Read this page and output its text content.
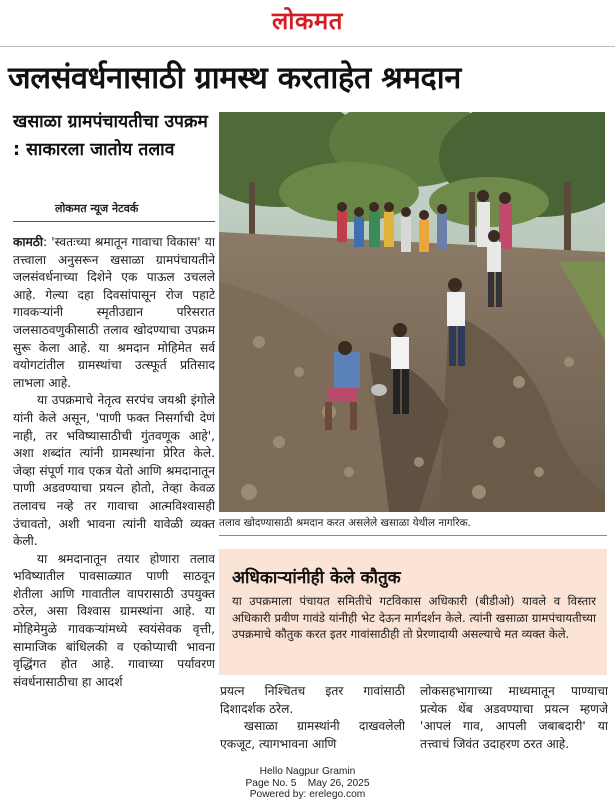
लोकमत
जलसंवर्धनासाठी ग्रामस्थ करताहेत श्रमदान
खसाळा ग्रामपंचायतीचा उपक्रम : साकारला जातोय तलाव
लोकमत न्यूज नेटवर्क

कामठी: 'स्वतःच्या श्रमातून गावाचा विकास' या तत्त्वाला अनुसरून खसाळा ग्रामपंचायतीने जलसंवर्धनाच्या दिशेने एक पाऊल उचलले आहे. गेल्या दहा दिवसांपासून रोज पहाटे गावकऱ्यांनी स्मृतीउद्यान परिसरात जलसाठवणुकीसाठी तलाव खोदण्याचा उपक्रम सुरू केला आहे. या श्रमदान मोहिमेत सर्व वयोगटांतील ग्रामस्थांचा उत्स्फूर्त प्रतिसाद लाभला आहे.

या उपक्रमाचे नेतृत्व सरपंच जयश्री इंगोले यांनी केले असून, 'पाणी फक्त निसर्गाची देणं नाही, तर भविष्यासाठीची गुंतवणूक आहे', अशा शब्दांत त्यांनी ग्रामस्थांना प्रेरित केले. जेव्हा संपूर्ण गाव एकत्र येतो आणि श्रमदानातून पाणी अडवण्याचा प्रयत्न होतो, तेव्हा केवळ तलावच नव्हे तर गावाचा आत्मविश्वासही उंचावतो, अशी भावना त्यांनी यावेळी व्यक्त केली.

या श्रमदानातून तयार होणारा तलाव भविष्यातील पावसाळ्यात पाणी साठवून शेतीला आणि गावातील वापरासाठी उपयुक्त ठरेल, असा विश्वास ग्रामस्थांना आहे. या मोहिमेमुळे गावकऱ्यांमध्ये स्वयंसेवक वृत्ती, सामाजिक बांधिलकी व एकोप्याची भावना वृद्धिंगत होत आहे. गावाच्या पर्यावरण संवर्धनासाठीचा हा आदर्श

तलाव खोदण्यासाठी श्रमदान करत असलेले खसाळा येथील नागरिक.
अधिकाऱ्यांनीही केले कौतुक
या उपक्रमाला पंचायत समितीचे गटविकास अधिकारी (बीडीओ) यावले व विस्तार अधिकारी प्रवीण गावंडे यांनीही भेट देऊन मार्गदर्शन केले. त्यांनी खसाळा ग्रामपंचायतीच्या उपक्रमाचे कौतुक करत इतर गावांसाठीही तो प्रेरणादायी असल्याचे मत व्यक्त केले.

प्रयत्न निश्चितच इतर गावांसाठी दिशादर्शक ठरेल.

खसाळा ग्रामस्थांनी दाखवलेली एकजूट, त्यागभावना आणि

लोकसहभागाच्या माध्यमातून पाण्याचा प्रत्येक थेंब अडवण्याचा प्रयत्न म्हणजे 'आपलं गाव, आपली जबाबदारी' या तत्त्वाचं जिवंत उदाहरण ठरत आहे.

Hello Nagpur Gramin
Page No. 5    May 26, 2025
Powered by: erelego.com
